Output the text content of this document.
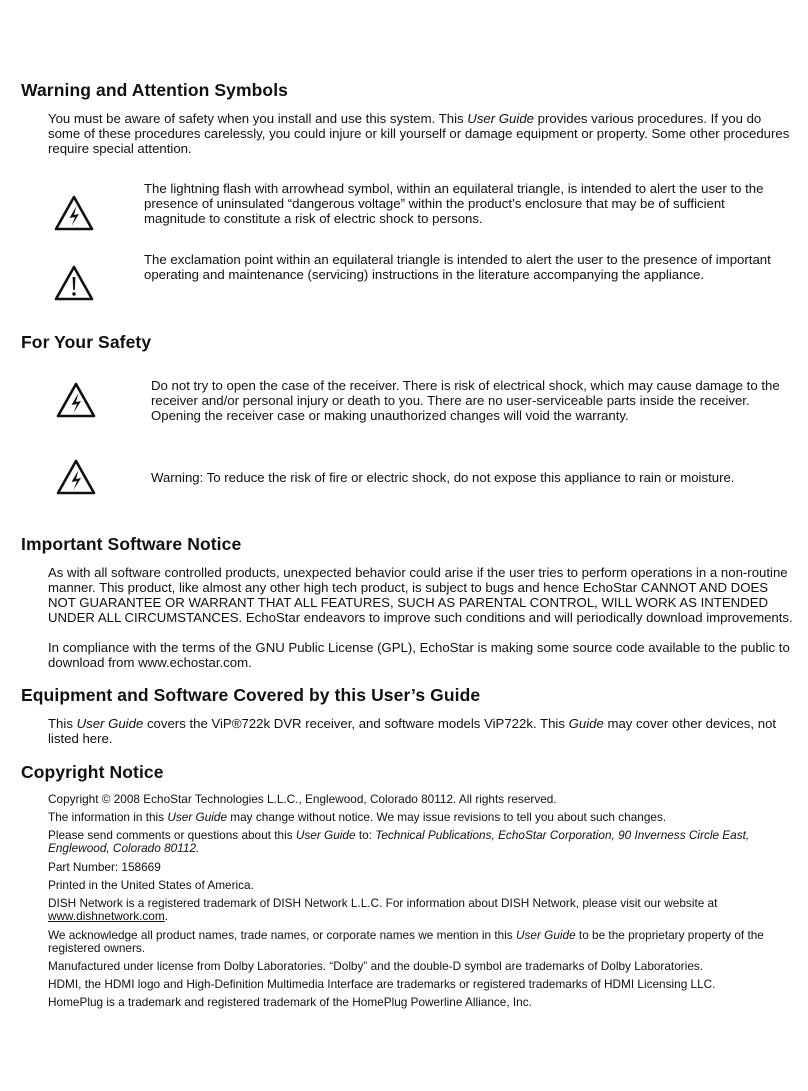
Warning and Attention Symbols

You must be aware of safety when you install and use this system. This User Guide provides various procedures. If you do some of these procedures carelessly, you could injure or kill yourself or damage equipment or property. Some other procedures require special attention.

The lightning flash with arrowhead symbol, within an equilateral triangle, is intended to alert the user to the presence of uninsulated “dangerous voltage” within the product’s enclosure that may be of sufficient magnitude to constitute a risk of electric shock to persons.

The exclamation point within an equilateral triangle is intended to alert the user to the presence of important operating and maintenance (servicing) instructions in the literature accompanying the appliance.

For Your Safety

Do not try to open the case of the receiver. There is risk of electrical shock, which may cause damage to the receiver and/or personal injury or death to you. There are no user-serviceable parts inside the receiver. Opening the receiver case or making unauthorized changes will void the warranty.

Warning: To reduce the risk of fire or electric shock, do not expose this appliance to rain or moisture.

Important Software Notice

As with all software controlled products, unexpected behavior could arise if the user tries to perform operations in a non-routine manner. This product, like almost any other high tech product, is subject to bugs and hence EchoStar CANNOT AND DOES NOT GUARANTEE OR WARRANT THAT ALL FEATURES, SUCH AS PARENTAL CONTROL, WILL WORK AS INTENDED UNDER ALL CIRCUMSTANCES. EchoStar endeavors to improve such conditions and will periodically download improvements.

In compliance with the terms of the GNU Public License (GPL), EchoStar is making some source code available to the public to download from www.echostar.com.

Equipment and Software Covered by this User’s Guide

This User Guide covers the ViP®722k DVR receiver, and software models ViP722k. This Guide may cover other devices, not listed here.

Copyright Notice

Copyright © 2008 EchoStar Technologies L.L.C., Englewood, Colorado 80112. All rights reserved.

The information in this User Guide may change without notice. We may issue revisions to tell you about such changes.

Please send comments or questions about this User Guide to: Technical Publications, EchoStar Corporation, 90 Inverness Circle East, Englewood, Colorado 80112.

Part Number: 158669

Printed in the United States of America.

DISH Network is a registered trademark of DISH Network L.L.C. For information about DISH Network, please visit our website at www.dishnetwork.com.

We acknowledge all product names, trade names, or corporate names we mention in this User Guide to be the proprietary property of the registered owners.

Manufactured under license from Dolby Laboratories. “Dolby” and the double-D symbol are trademarks of Dolby Laboratories.

HDMI, the HDMI logo and High-Definition Multimedia Interface are trademarks or registered trademarks of HDMI Licensing LLC.

HomePlug is a trademark and registered trademark of the HomePlug Powerline Alliance, Inc.
